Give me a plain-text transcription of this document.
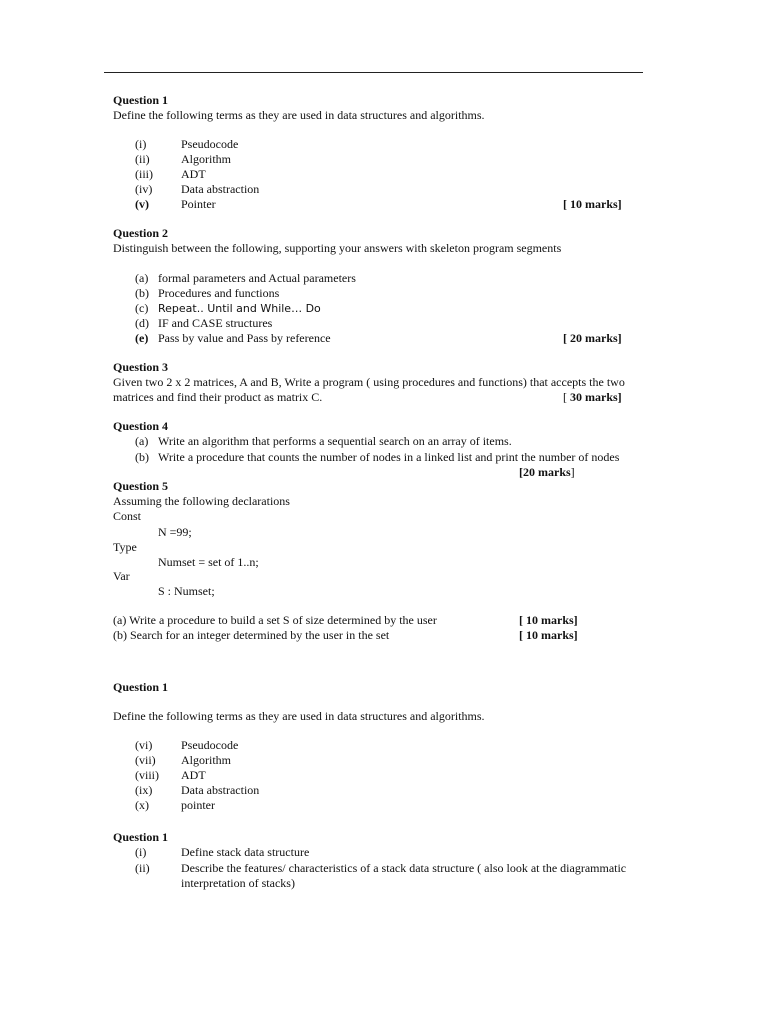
Question 1
Define the following terms as they are used in data structures and algorithms.
(i)	Pseudocode
(ii)	Algorithm
(iii) ADT
(iv) Data abstraction
(v)	Pointer	[ 10 marks]
Question 2
Distinguish between the following, supporting your answers with skeleton program segments
(a) formal parameters and Actual parameters
(b) Procedures and functions
(c) Repeat.. Until and While… Do
(d) IF and CASE structures
(e) Pass by value and Pass by reference	[ 20 marks]
Question 3
Given two 2 x 2 matrices, A and B, Write a program ( using procedures and functions) that accepts the two
matrices and find their product as matrix C.	[ 30 marks]
Question 4
(a) Write an algorithm that performs a sequential search on an array of items.
(b) Write a procedure that counts the number of nodes in a linked list and print the number of nodes
[20 marks]
Question 5
Assuming the following declarations
Const
N =99;
Type
Numset = set of 1..n;
Var
S : Numset;
(a) Write a procedure to build a set S of size determined by the user	[ 10 marks]
(b) Search for an integer determined by the user in the set	[ 10 marks]
Question 1
Define the following terms as they are used in data structures and algorithms.
(vi) Pseudocode
(vii) Algorithm
(viii) ADT
(ix) Data abstraction
(x)	pointer
Question 1
(i)	Define stack data structure
(ii)	Describe the features/ characteristics of a stack data structure ( also look at the diagrammatic
interpretation of stacks)
